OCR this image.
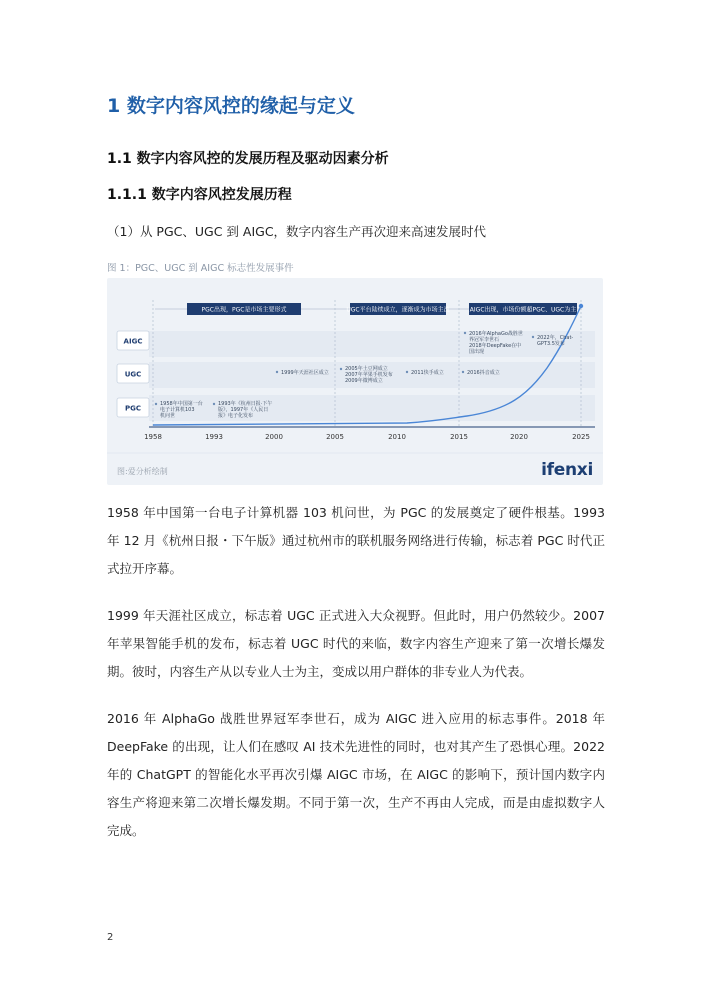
1 数字内容风控的缘起与定义
1.1 数字内容风控的发展历程及驱动因素分析
1.1.1 数字内容风控发展历程
（1）从 PGC、UGC 到 AIGC，数字内容生产再次迎来高速发展时代
图 1：PGC、UGC 到 AIGC 标志性发展事件
PGC出现，PGC是市场主要形式	UGC平台陆续成立，逐渐成为市场主流	AIGC出现，市场份额超PGC、UGC为主
AIGC
UGC
PGC
1958	1993	2000	2005	2010	2015	2020	2025
1958年中国第一台
电子计算机103
机问世
1993年《杭州日报·下午
版》，1997年《人民日
报》电子化发布
1999年天涯社区成立
2005年土豆网成立
2007年苹果手机发布
2009年微博成立
2011快手成立	2016抖音成立
2016年AlphaGo战胜世
界冠军李世石
2018年DeepFake在中
国出现
2022年，Chat-
GPT3.5发布
图:爱分析绘制	ifenxi
1958 年中国第一台电子计算机器 103 机问世，为 PGC 的发展奠定了硬件根基。1993 年 12 月《杭州日报・下午版》通过杭州市的联机服务网络进行传输，标志着 PGC 时代正式拉开序幕。
1999 年天涯社区成立，标志着 UGC 正式进入大众视野。但此时，用户仍然较少。2007 年苹果智能手机的发布，标志着 UGC 时代的来临，数字内容生产迎来了第一次增长爆发期。彼时，内容生产从以专业人士为主，变成以用户群体的非专业人为代表。
2016 年 AlphaGo 战胜世界冠军李世石，成为 AIGC 进入应用的标志事件。2018 年 DeepFake 的出现，让人们在感叹 AI 技术先进性的同时，也对其产生了恐惧心理。2022 年的 ChatGPT 的智能化水平再次引爆 AIGC 市场，在 AIGC 的影响下，预计国内数字内容生产将迎来第二次增长爆发期。不同于第一次，生产不再由人完成，而是由虚拟数字人完成。
2
